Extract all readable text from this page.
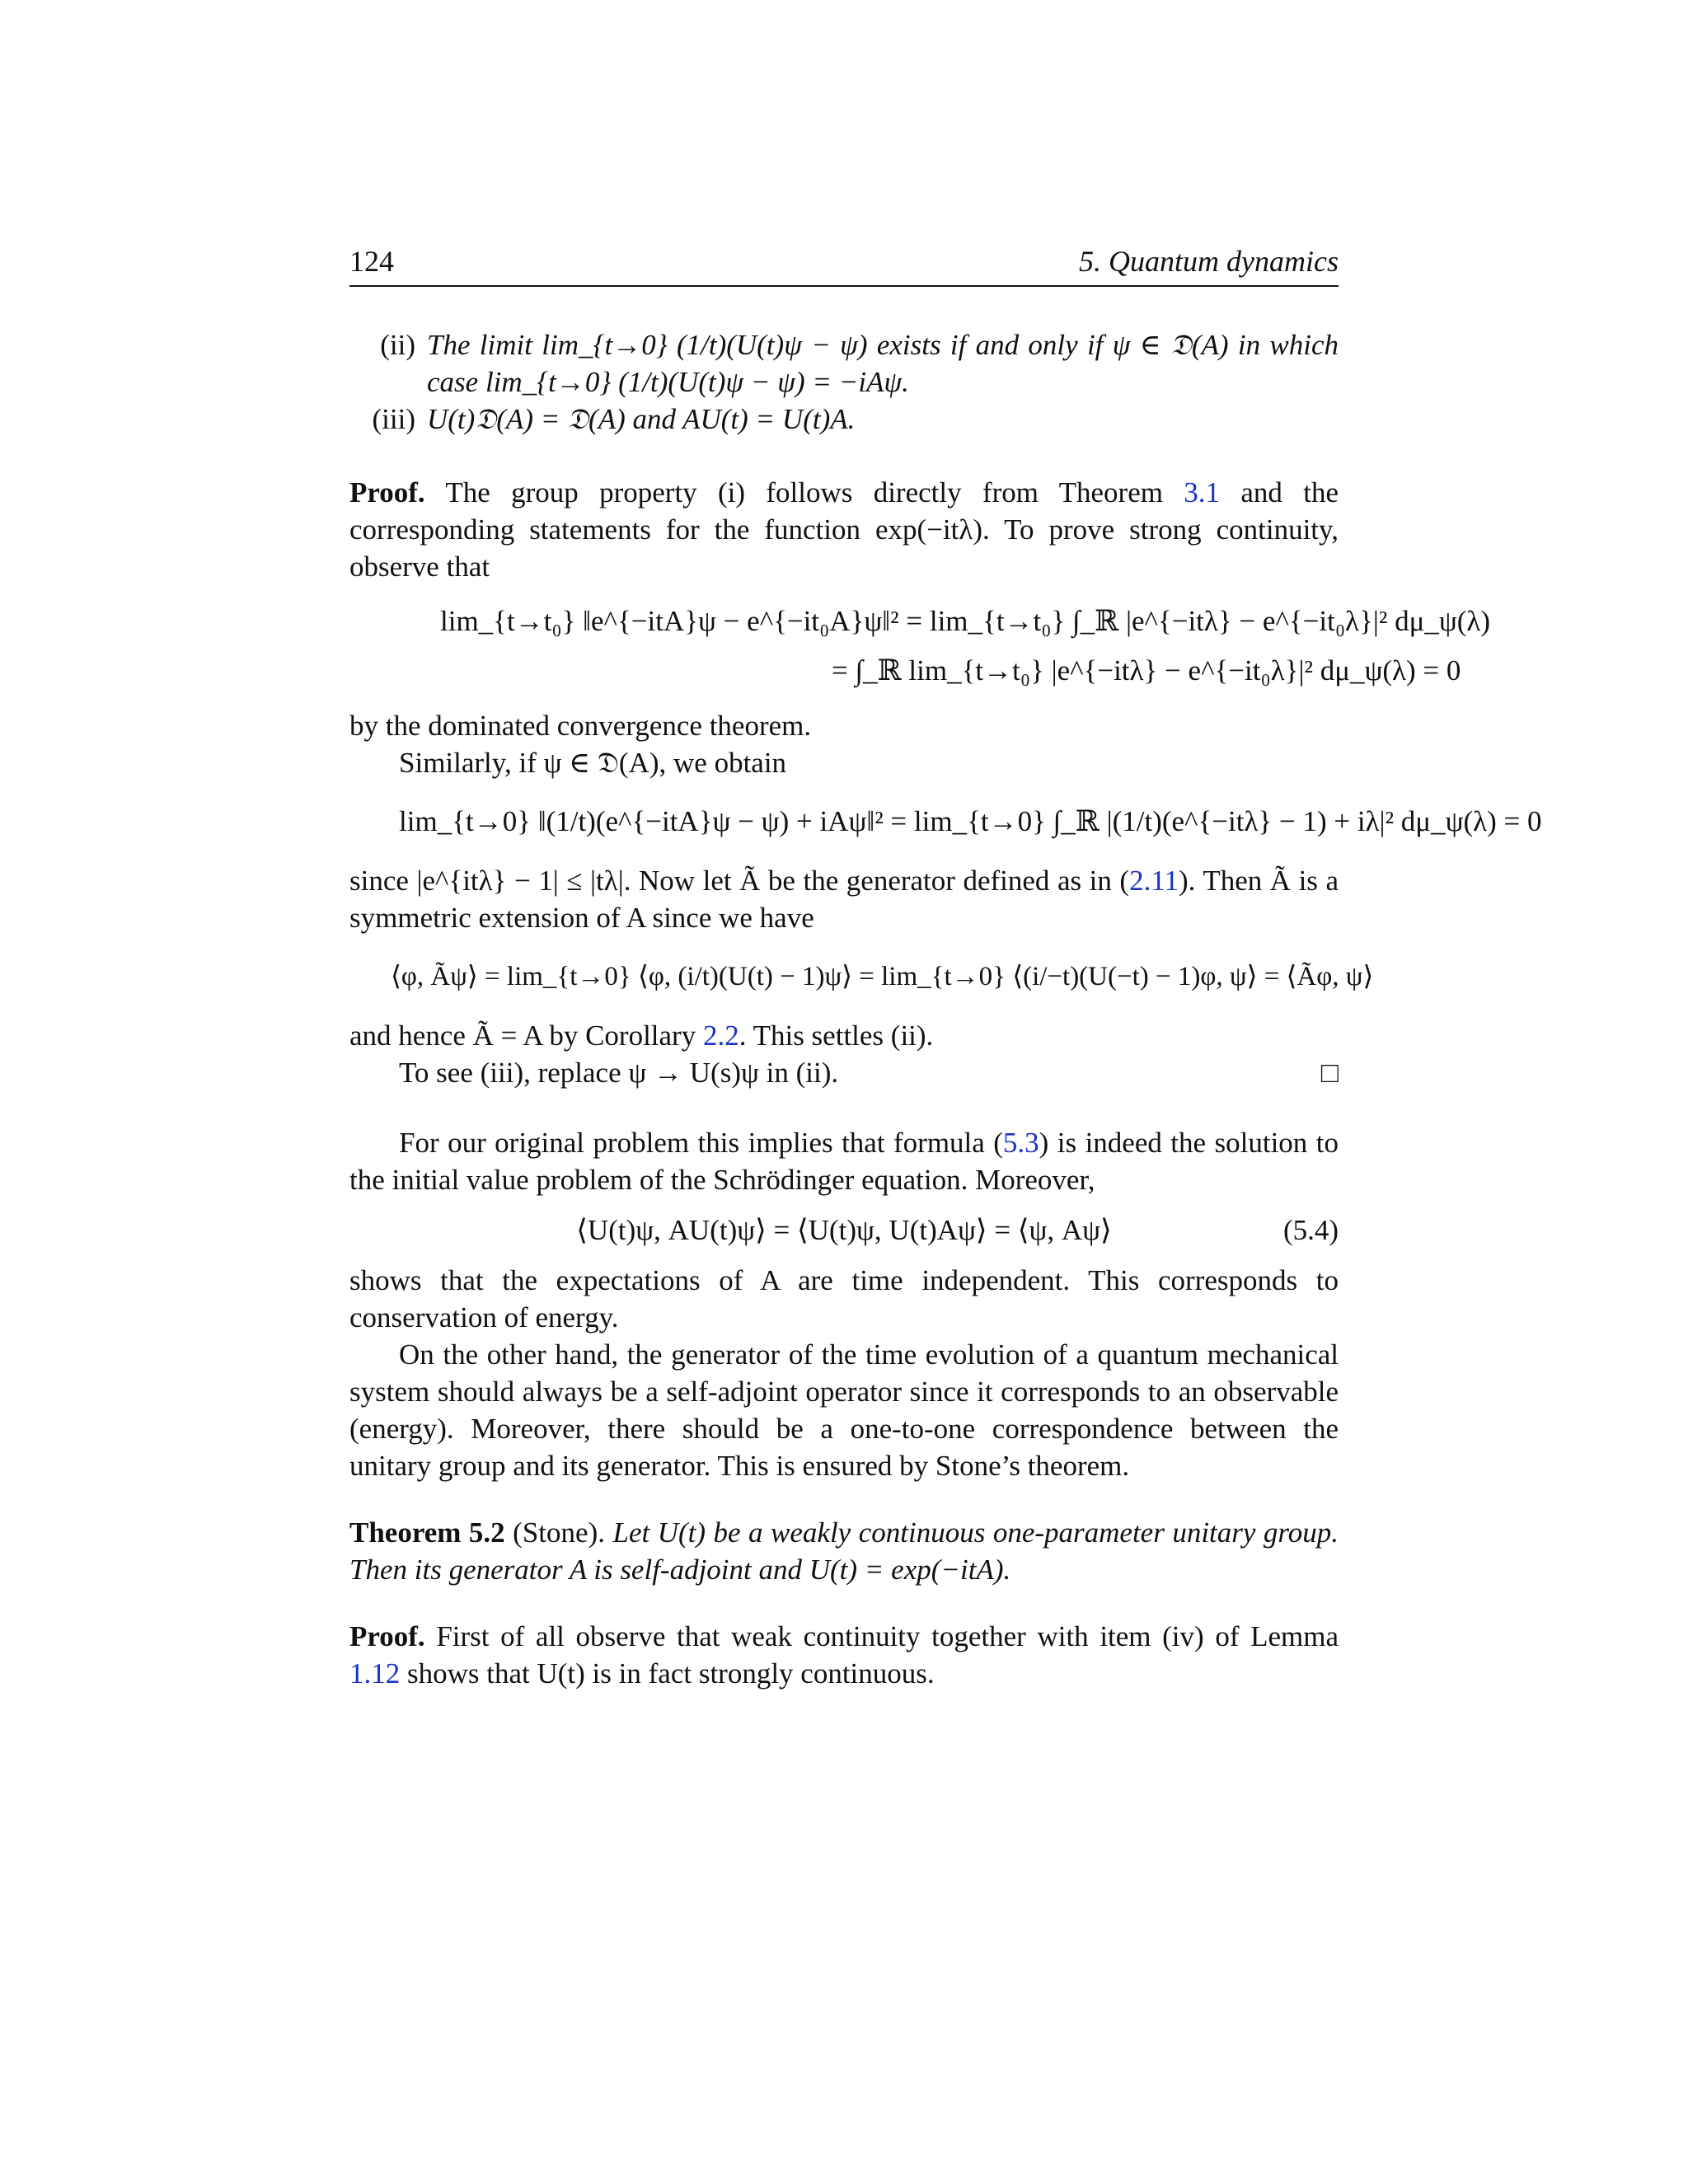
124	5. Quantum dynamics
(ii) The limit lim_{t→0} (1/t)(U(t)ψ − ψ) exists if and only if ψ ∈ 𝔇(A) in which case lim_{t→0} (1/t)(U(t)ψ − ψ) = −iAψ.
(iii) U(t)𝔇(A) = 𝔇(A) and AU(t) = U(t)A.

Proof. The group property (i) follows directly from Theorem 3.1 and the corresponding statements for the function exp(−itλ). To prove strong continuity, observe that

lim_{t→t₀} ‖e^{−itA}ψ − e^{−it₀A}ψ‖² = lim_{t→t₀} ∫_ℝ |e^{−itλ} − e^{−it₀λ}|² dμ_ψ(λ)
= ∫_ℝ lim_{t→t₀} |e^{−itλ} − e^{−it₀λ}|² dμ_ψ(λ) = 0

by the dominated convergence theorem.

Similarly, if ψ ∈ 𝔇(A), we obtain

lim_{t→0} ‖(1/t)(e^{−itA}ψ − ψ) + iAψ‖² = lim_{t→0} ∫_ℝ |(1/t)(e^{−itλ} − 1) + iλ|² dμ_ψ(λ) = 0

since |e^{itλ} − 1| ≤ |tλ|. Now let Ã be the generator defined as in (2.11). Then Ã is a symmetric extension of A since we have

⟨φ, Ãψ⟩ = lim_{t→0} ⟨φ, (i/t)(U(t) − 1)ψ⟩ = lim_{t→0} ⟨(i/−t)(U(−t) − 1)φ, ψ⟩ = ⟨Ãφ, ψ⟩

and hence Ã = A by Corollary 2.2. This settles (ii).

To see (iii), replace ψ → U(s)ψ in (ii).	□

For our original problem this implies that formula (5.3) is indeed the solution to the initial value problem of the Schrödinger equation. Moreover,

⟨U(t)ψ, AU(t)ψ⟩ = ⟨U(t)ψ, U(t)Aψ⟩ = ⟨ψ, Aψ⟩	(5.4)

shows that the expectations of A are time independent. This corresponds to conservation of energy.

On the other hand, the generator of the time evolution of a quantum mechanical system should always be a self-adjoint operator since it corresponds to an observable (energy). Moreover, there should be a one-to-one correspondence between the unitary group and its generator. This is ensured by Stone’s theorem.

Theorem 5.2 (Stone). Let U(t) be a weakly continuous one-parameter unitary group. Then its generator A is self-adjoint and U(t) = exp(−itA).

Proof. First of all observe that weak continuity together with item (iv) of Lemma 1.12 shows that U(t) is in fact strongly continuous.
